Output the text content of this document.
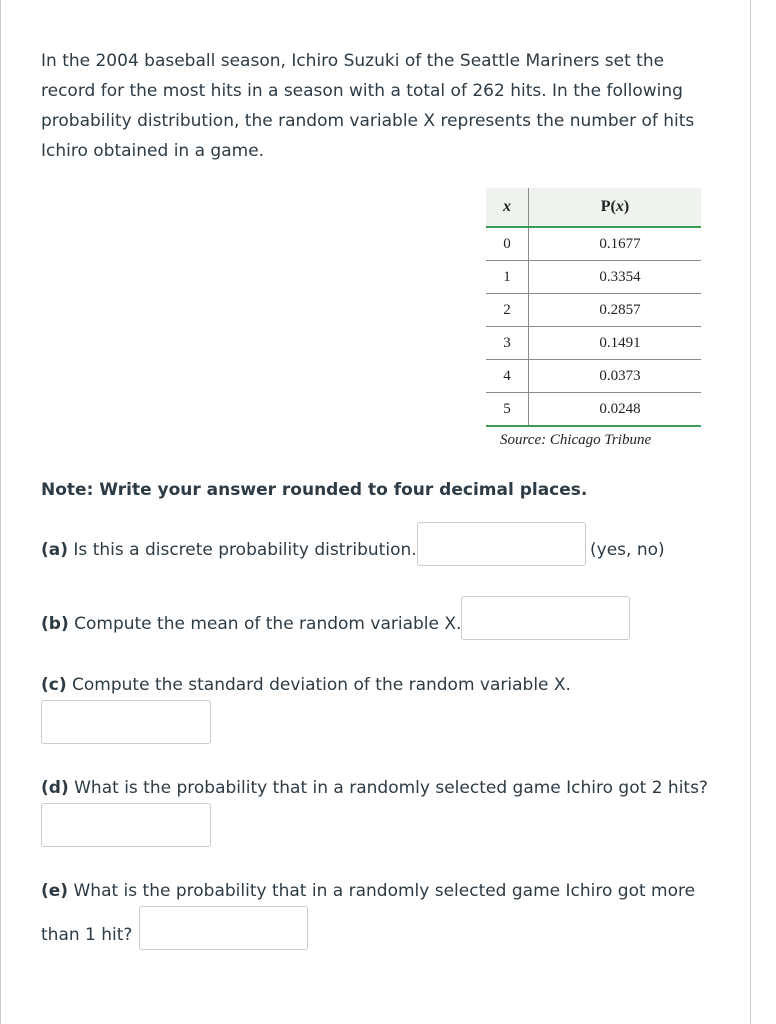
In the 2004 baseball season, Ichiro Suzuki of the Seattle Mariners set the record for the most hits in a season with a total of 262 hits. In the following probability distribution, the random variable X represents the number of hits Ichiro obtained in a game.

x	P(x)
0	0.1677
1	0.3354
2	0.2857
3	0.1491
4	0.0373
5	0.0248
Source: Chicago Tribune
Note: Write your answer rounded to four decimal places.
(a) Is this a discrete probability distribution.	(yes, no)
(b) Compute the mean of the random variable X.
(c) Compute the standard deviation of the random variable X.
(d) What is the probability that in a randomly selected game Ichiro got 2 hits?
(e) What is the probability that in a randomly selected game Ichiro got more
than 1 hit?
